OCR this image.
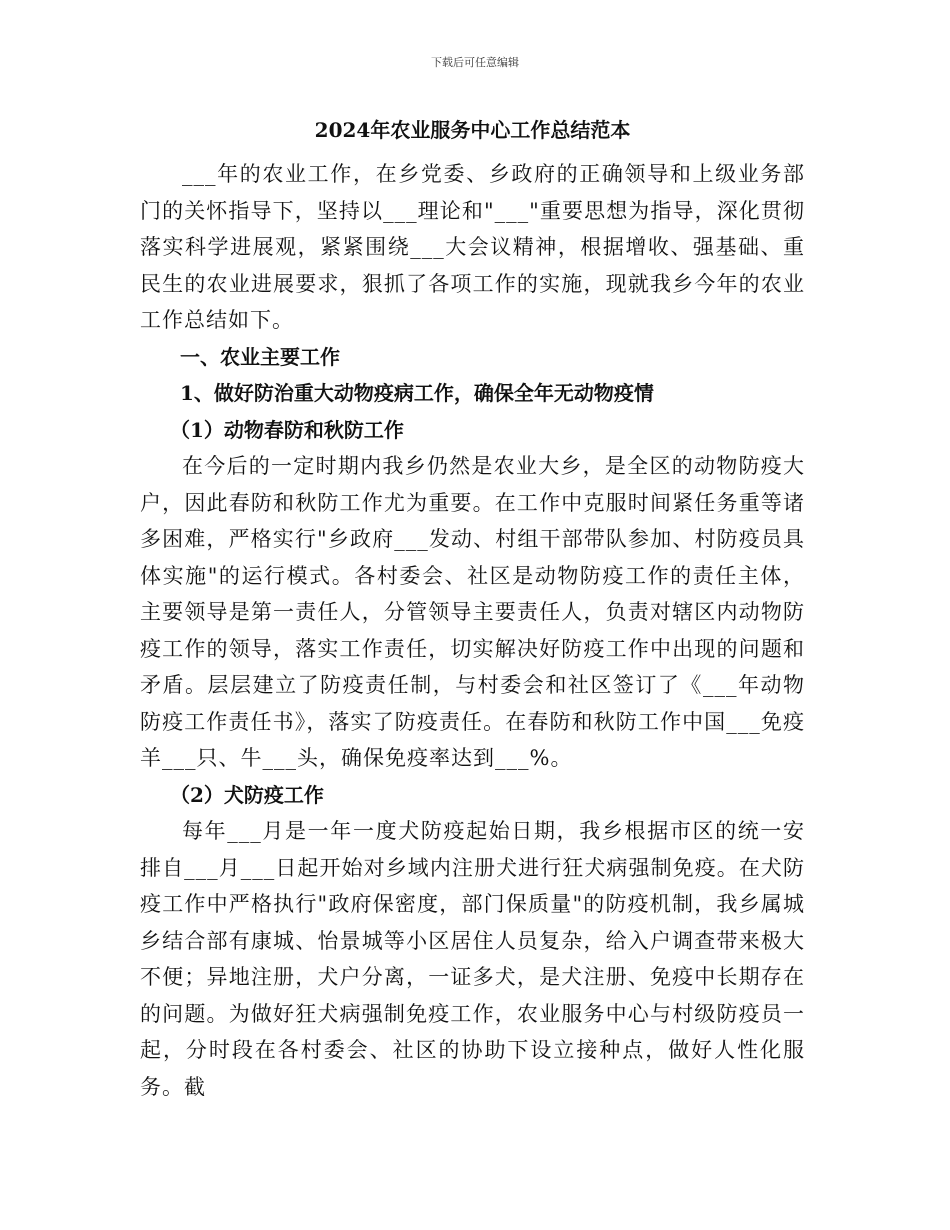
下载后可任意编辑
2024年农业服务中心工作总结范本

___年的农业工作，在乡党委、乡政府的正确领导和上级业务部门的关怀指导下，坚持以___理论和"___"重要思想为指导，深化贯彻落实科学进展观，紧紧围绕___大会议精神，根据增收、强基础、重民生的农业进展要求，狠抓了各项工作的实施，现就我乡今年的农业工作总结如下。

一、农业主要工作

1、做好防治重大动物疫病工作，确保全年无动物疫情

（1）动物春防和秋防工作

在今后的一定时期内我乡仍然是农业大乡，是全区的动物防疫大户，因此春防和秋防工作尤为重要。在工作中克服时间紧任务重等诸多困难，严格实行"乡政府___发动、村组干部带队参加、村防疫员具体实施"的运行模式。各村委会、社区是动物防疫工作的责任主体，主要领导是第一责任人，分管领导主要责任人，负责对辖区内动物防疫工作的领导，落实工作责任，切实解决好防疫工作中出现的问题和矛盾。层层建立了防疫责任制，与村委会和社区签订了《___年动物防疫工作责任书》，落实了防疫责任。在春防和秋防工作中国___免疫羊___只、牛___头，确保免疫率达到___%。

（2）犬防疫工作

每年___月是一年一度犬防疫起始日期，我乡根据市区的统一安排自___月___日起开始对乡域内注册犬进行狂犬病强制免疫。在犬防疫工作中严格执行"政府保密度，部门保质量"的防疫机制，我乡属城乡结合部有康城、怡景城等小区居住人员复杂，给入户调查带来极大不便；异地注册，犬户分离，一证多犬，是犬注册、免疫中长期存在的问题。为做好狂犬病强制免疫工作，农业服务中心与村级防疫员一起，分时段在各村委会、社区的协助下设立接种点，做好人性化服务。截
